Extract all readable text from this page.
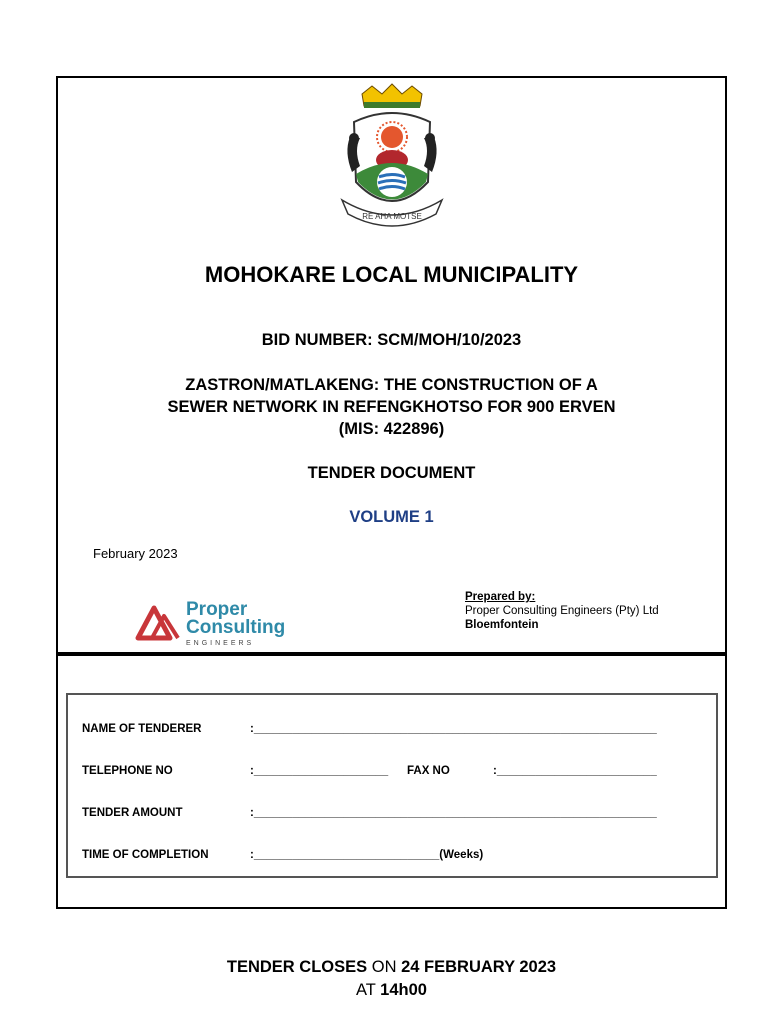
RE AHA MOTSE
MOHOKARE LOCAL MUNICIPALITY
BID NUMBER: SCM/MOH/10/2023
ZASTRON/MATLAKENG: THE CONSTRUCTION OF A
SEWER NETWORK IN REFENGKHOTSO FOR 900 ERVEN
(MIS: 422896)
TENDER DOCUMENT
VOLUME 1
February 2023
Proper
Consulting
ENGINEERS
Prepared by:
Proper Consulting Engineers (Pty) Ltd
Bloemfontein
NAME OF TENDERER	:_______________________________________________________________
TELEPHONE NO	:_____________________ FAX NO	:_________________________
TENDER AMOUNT	:_______________________________________________________________
TIME OF COMPLETION	:_____________________________(Weeks)
TENDER CLOSES ON 24 FEBRUARY 2023
AT 14h00
